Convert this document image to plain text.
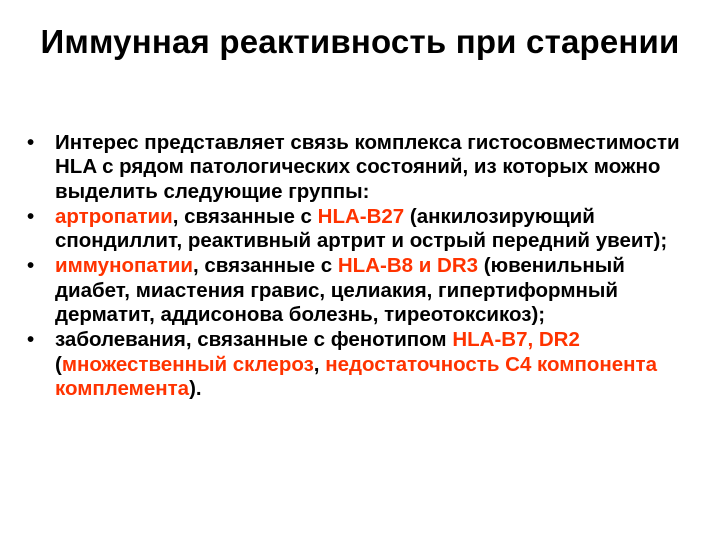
Иммунная реактивность при старении
• Интерес представляет связь комплекса гистосовместимости HLA с рядом патологических состояний, из которых можно выделить следующие группы:
• артропатии, связанные с HLA-B27 (анкилозирующий спондиллит, реактивный артрит и острый передний увеит);
• иммунопатии, связанные с HLA-B8 и DR3 (ювенильный диабет, миастения гравис, целиакия, гипертиформный дерматит, аддисонова болезнь, тиреотоксикоз);
• заболевания, связанные с фенотипом HLA-B7, DR2 (множественный склероз, недостаточность С4 компонента комплемента).
